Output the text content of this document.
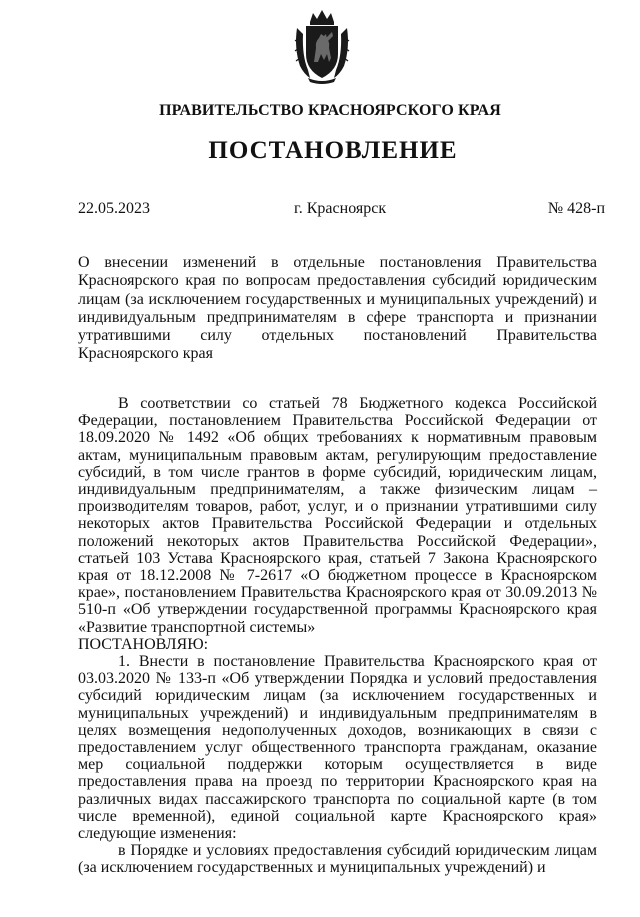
ПРАВИТЕЛЬСТВО КРАСНОЯРСКОГО КРАЯ
ПОСТАНОВЛЕНИЕ
22.05.2023	г. Красноярск	№ 428-п
О внесении изменений в отдельные постановления Правительства Красноярского края по вопросам предоставления субсидий юридическим лицам (за исключением государственных и муниципальных учреждений) и индивидуальным предпринимателям в сфере транспорта и признании утратившими силу отдельных постановлений Правительства Красноярского края

В соответствии со статьей 78 Бюджетного кодекса Российской Федерации, постановлением Правительства Российской Федерации от 18.09.2020 № 1492 «Об общих требованиях к нормативным правовым актам, муниципальным правовым актам, регулирующим предоставление субсидий, в том числе грантов в форме субсидий, юридическим лицам, индивидуальным предпринимателям, а также физическим лицам – производителям товаров, работ, услуг, и о признании утратившими силу некоторых актов Правительства Российской Федерации и отдельных положений некоторых актов Правительства Российской Федерации», статьей 103 Устава Красноярского края, статьей 7 Закона Красноярского края от 18.12.2008 № 7-2617 «О бюджетном процессе в Красноярском крае», постановлением Правительства Красноярского края от 30.09.2013 № 510-п «Об утверждении государственной программы Красноярского края «Развитие транспортной системы»

ПОСТАНОВЛЯЮ:

1. Внести в постановление Правительства Красноярского края от 03.03.2020 № 133-п «Об утверждении Порядка и условий предоставления субсидий юридическим лицам (за исключением государственных и муниципальных учреждений) и индивидуальным предпринимателям в целях возмещения недополученных доходов, возникающих в связи с предоставлением услуг общественного транспорта гражданам, оказание мер социальной поддержки которым осуществляется в виде предоставления права на проезд по территории Красноярского края на различных видах пассажирского транспорта по социальной карте (в том числе временной), единой социальной карте Красноярского края» следующие изменения:

в Порядке и условиях предоставления субсидий юридическим лицам (за исключением государственных и муниципальных учреждений) и
